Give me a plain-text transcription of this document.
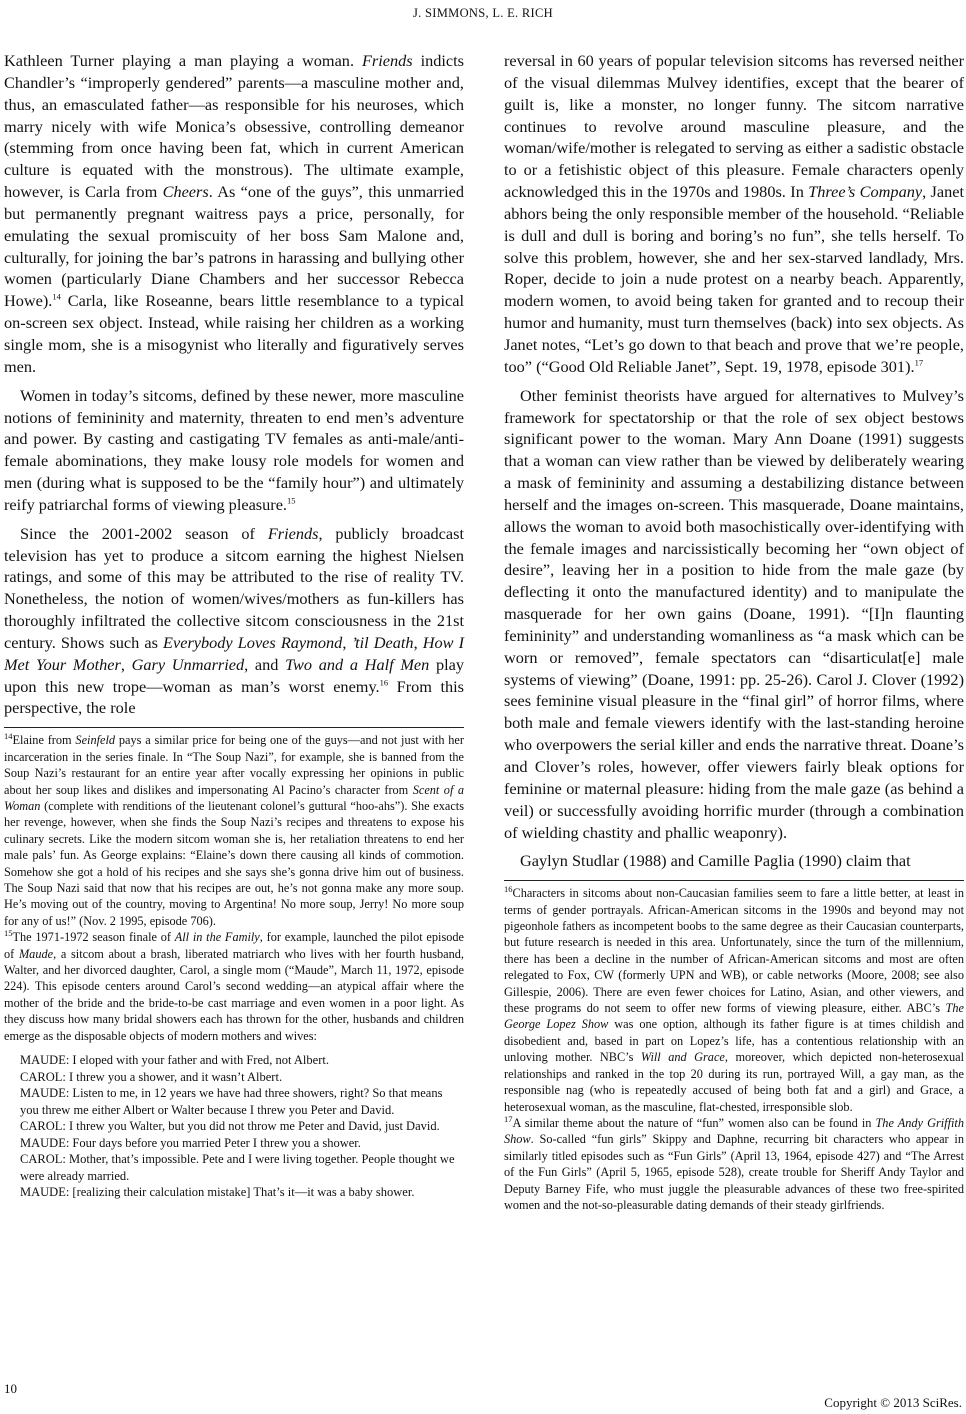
J. SIMMONS, L. E. RICH

Kathleen Turner playing a man playing a woman. Friends indicts Chandler’s “improperly gendered” parents—a masculine mother and, thus, an emasculated father—as responsible for his neuroses, which marry nicely with wife Monica’s obsessive, controlling demeanor (stemming from once having been fat, which in current American culture is equated with the monstrous). The ultimate example, however, is Carla from Cheers. As “one of the guys”, this unmarried but permanently pregnant waitress pays a price, personally, for emulating the sexual promiscuity of her boss Sam Malone and, culturally, for joining the bar’s patrons in harassing and bullying other women (particularly Diane Chambers and her successor Rebecca Howe).$^{14}$ Carla, like Roseanne, bears little resemblance to a typical on-screen sex object. Instead, while raising her children as a working single mom, she is a misogynist who literally and figuratively serves men.

Women in today’s sitcoms, defined by these newer, more masculine notions of femininity and maternity, threaten to end men’s adventure and power. By casting and castigating TV females as anti-male/anti-female abominations, they make lousy role models for women and men (during what is supposed to be the “family hour”) and ultimately reify patriarchal forms of viewing pleasure.$^{15}$

Since the 2001-2002 season of Friends, publicly broadcast television has yet to produce a sitcom earning the highest Nielsen ratings, and some of this may be attributed to the rise of reality TV. Nonetheless, the notion of women/wives/mothers as fun-killers has thoroughly infiltrated the collective sitcom consciousness in the 21st century. Shows such as Everybody Loves Raymond, ’til Death, How I Met Your Mother, Gary Unmarried, and Two and a Half Men play upon this new trope—woman as man’s worst enemy.$^{16}$ From this perspective, the role

$^{14}$Elaine from Seinfeld pays a similar price for being one of the guys—and not just with her incarceration in the series finale. In “The Soup Nazi”, for example, she is banned from the Soup Nazi’s restaurant for an entire year after vocally expressing her opinions in public about her soup likes and dislikes and impersonating Al Pacino’s character from Scent of a Woman (complete with renditions of the lieutenant colonel’s guttural “hoo-ahs”). She exacts her revenge, however, when she finds the Soup Nazi’s recipes and threatens to expose his culinary secrets. Like the modern sitcom woman she is, her retaliation threatens to end her male pals’ fun. As George explains: “Elaine’s down there causing all kinds of commotion. Somehow she got a hold of his recipes and she says she’s gonna drive him out of business. The Soup Nazi said that now that his recipes are out, he’s not gonna make any more soup. He’s moving out of the country, moving to Argentina! No more soup, Jerry! No more soup for any of us!” (Nov. 2 1995, episode 706).

$^{15}$The 1971-1972 season finale of All in the Family, for example, launched the pilot episode of Maude, a sitcom about a brash, liberated matriarch who lives with her fourth husband, Walter, and her divorced daughter, Carol, a single mom (“Maude”, March 11, 1972, episode 224). This episode centers around Carol’s second wedding—an atypical affair where the mother of the bride and the bride-to-be cast marriage and even women in a poor light. As they discuss how many bridal showers each has thrown for the other, husbands and children emerge as the disposable objects of modern mothers and wives:

MAUDE: I eloped with your father and with Fred, not Albert.
CAROL: I threw you a shower, and it wasn’t Albert.
MAUDE: Listen to me, in 12 years we have had three showers, right? So that means you threw me either Albert or Walter because I threw you Peter and David.
CAROL: I threw you Walter, but you did not throw me Peter and David, just David.
MAUDE: Four days before you married Peter I threw you a shower.
CAROL: Mother, that’s impossible. Pete and I were living together. People thought we were already married.
MAUDE: [realizing their calculation mistake] That’s it—it was a baby shower.

reversal in 60 years of popular television sitcoms has reversed neither of the visual dilemmas Mulvey identifies, except that the bearer of guilt is, like a monster, no longer funny. The sitcom narrative continues to revolve around masculine pleasure, and the woman/wife/mother is relegated to serving as either a sadistic obstacle to or a fetishistic object of this pleasure. Female characters openly acknowledged this in the 1970s and 1980s. In Three’s Company, Janet abhors being the only responsible member of the household. “Reliable is dull and dull is boring and boring’s no fun”, she tells herself. To solve this problem, however, she and her sex-starved landlady, Mrs. Roper, decide to join a nude protest on a nearby beach. Apparently, modern women, to avoid being taken for granted and to recoup their humor and humanity, must turn themselves (back) into sex objects. As Janet notes, “Let’s go down to that beach and prove that we’re people, too” (“Good Old Reliable Janet”, Sept. 19, 1978, episode 301).$^{17}$

Other feminist theorists have argued for alternatives to Mulvey’s framework for spectatorship or that the role of sex object bestows significant power to the woman. Mary Ann Doane (1991) suggests that a woman can view rather than be viewed by deliberately wearing a mask of femininity and assuming a destabilizing distance between herself and the images on-screen. This masquerade, Doane maintains, allows the woman to avoid both masochistically over-identifying with the female images and narcissistically becoming her “own object of desire”, leaving her in a position to hide from the male gaze (by deflecting it onto the manufactured identity) and to manipulate the masquerade for her own gains (Doane, 1991). “[I]n flaunting femininity” and understanding womanliness as “a mask which can be worn or removed”, female spectators can “disarticulat[e] male systems of viewing” (Doane, 1991: pp. 25-26). Carol J. Clover (1992) sees feminine visual pleasure in the “final girl” of horror films, where both male and female viewers identify with the last-standing heroine who overpowers the serial killer and ends the narrative threat. Doane’s and Clover’s roles, however, offer viewers fairly bleak options for feminine or maternal pleasure: hiding from the male gaze (as behind a veil) or successfully avoiding horrific murder (through a combination of wielding chastity and phallic weaponry).

Gaylyn Studlar (1988) and Camille Paglia (1990) claim that

$^{16}$Characters in sitcoms about non-Caucasian families seem to fare a little better, at least in terms of gender portrayals. African-American sitcoms in the 1990s and beyond may not pigeonhole fathers as incompetent boobs to the same degree as their Caucasian counterparts, but future research is needed in this area. Unfortunately, since the turn of the millennium, there has been a decline in the number of African-American sitcoms and most are often relegated to Fox, CW (formerly UPN and WB), or cable networks (Moore, 2008; see also Gillespie, 2006). There are even fewer choices for Latino, Asian, and other viewers, and these programs do not seem to offer new forms of viewing pleasure, either. ABC’s The George Lopez Show was one option, although its father figure is at times childish and disobedient and, based in part on Lopez’s life, has a contentious relationship with an unloving mother. NBC’s Will and Grace, moreover, which depicted non-heterosexual relationships and ranked in the top 20 during its run, portrayed Will, a gay man, as the responsible nag (who is repeatedly accused of being both fat and a girl) and Grace, a heterosexual woman, as the masculine, flat-chested, irresponsible slob.

$^{17}$A similar theme about the nature of “fun” women also can be found in The Andy Griffith Show. So-called “fun girls” Skippy and Daphne, recurring bit characters who appear in similarly titled episodes such as “Fun Girls” (April 13, 1964, episode 427) and “The Arrest of the Fun Girls” (April 5, 1965, episode 528), create trouble for Sheriff Andy Taylor and Deputy Barney Fife, who must juggle the pleasurable advances of these two free-spirited women and the not-so-pleasurable dating demands of their steady girlfriends.

10
Copyright © 2013 SciRes.
